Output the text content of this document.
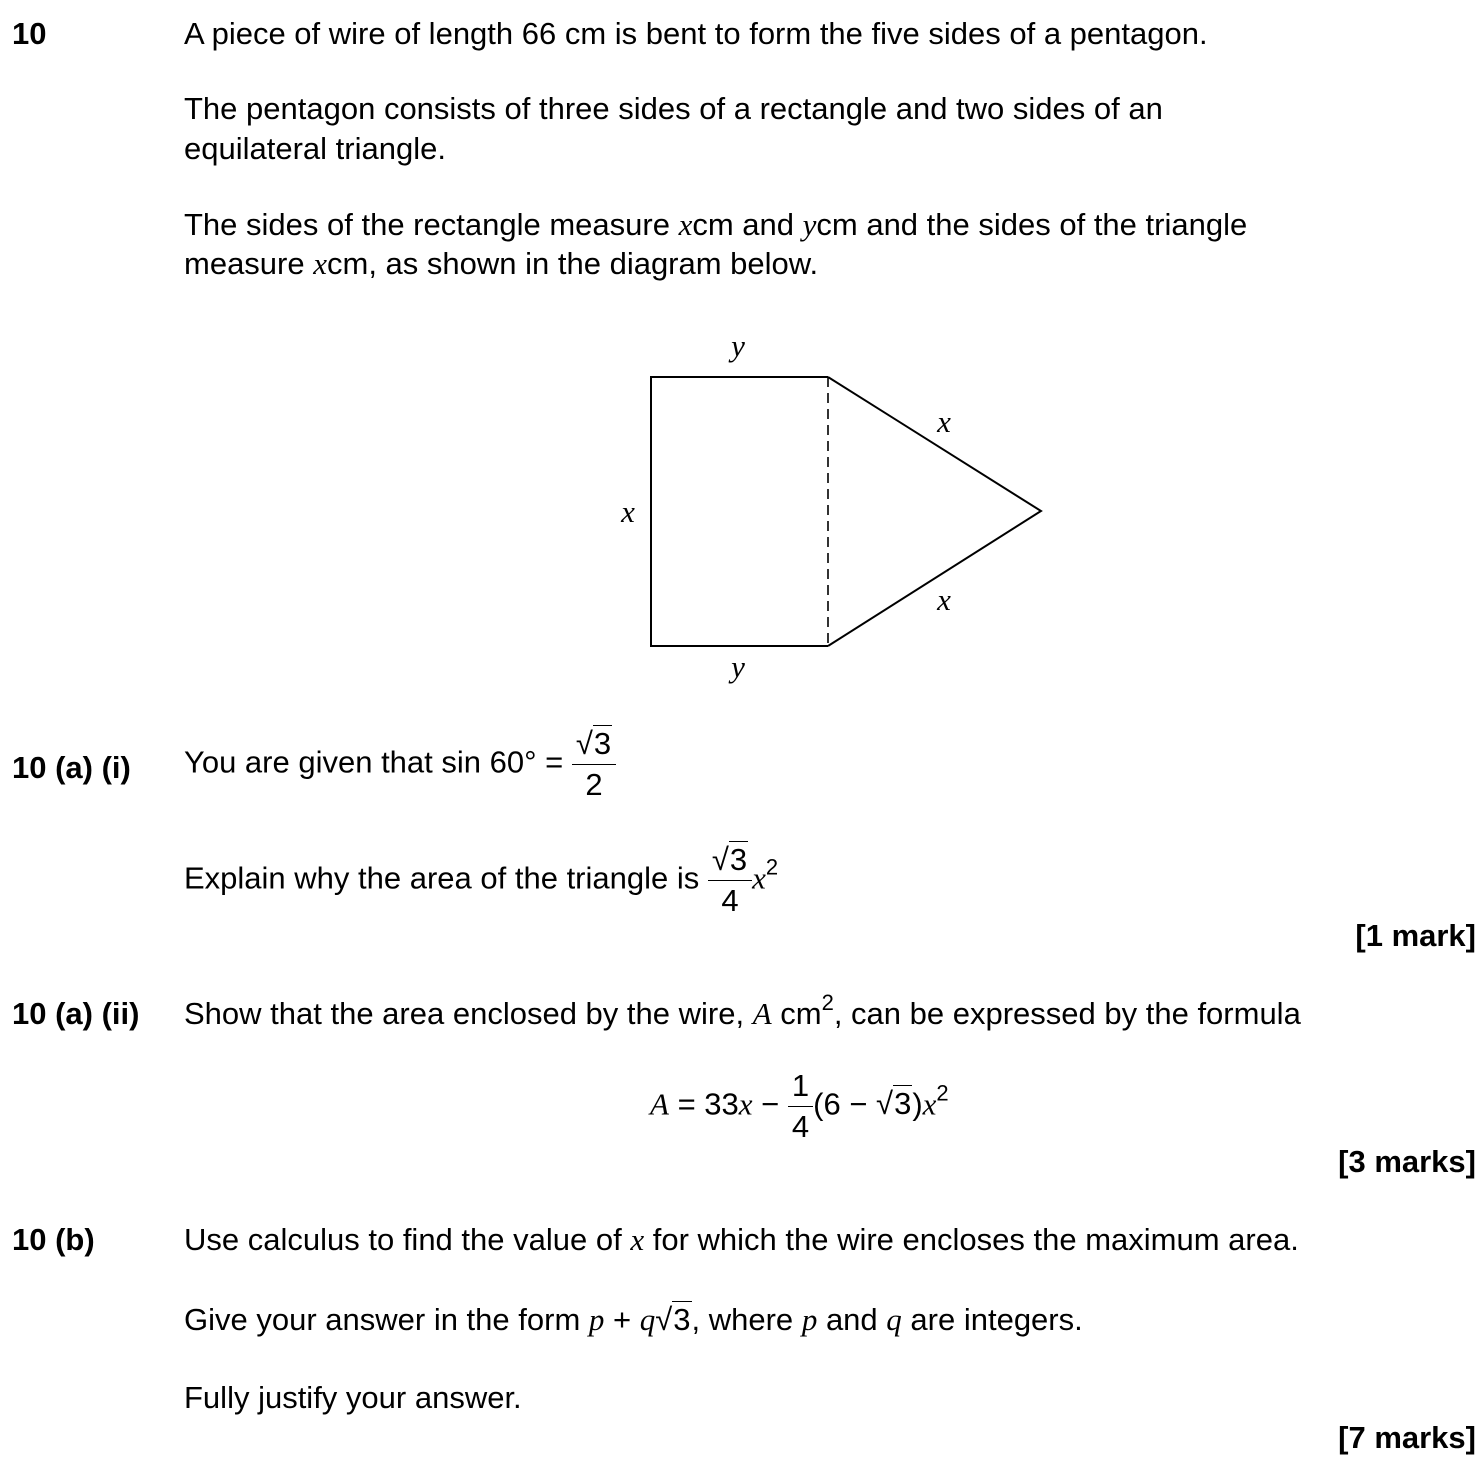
10	A piece of wire of length 66 cm is bent to form the five sides of a pentagon.
The pentagon consists of three sides of a rectangle and two sides of an
equilateral triangle.
The sides of the rectangle measure xcm and ycm and the sides of the triangle
measure xcm, as shown in the diagram below.
y
y
x
x
x
10 (a) (i) You are given that $\sin 60^\circ = \frac{√3}{2}$
Explain why the area of the triangle is $\frac{√3}{4} x^2$
[1 mark]
10 (a) (ii) Show that the area enclosed by the wire, A $cm^2$, can be expressed by the formula
$A = 33x - \frac{1}{4} (6 - √3)x^2$
[3 marks]
10 (b)	Use calculus to find the value of x for which the wire encloses the maximum area.
Give your answer in the form p + q√3, where p and q are integers.
Fully justify your answer.
[7 marks]
